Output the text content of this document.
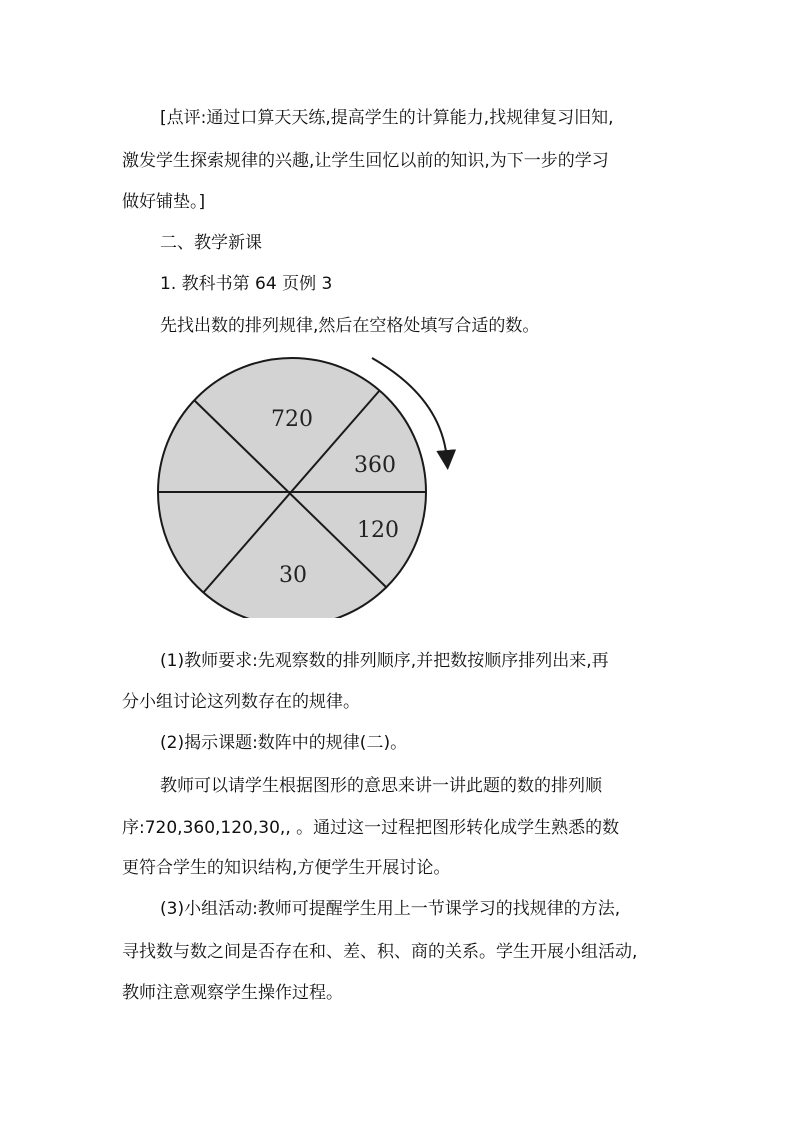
[点评:通过口算天天练,提高学生的计算能力,找规律复习旧知,
激发学生探索规律的兴趣,让学生回忆以前的知识,为下一步的学习
做好铺垫。]
二、教学新课
1. 教科书第 64 页例 3
先找出数的排列规律,然后在空格处填写合适的数。
720
360
120
30
(1)教师要求:先观察数的排列顺序,并把数按顺序排列出来,再
分小组讨论这列数存在的规律。
(2)揭示课题:数阵中的规律(二)。
教师可以请学生根据图形的意思来讲一讲此题的数的排列顺
序:720,360,120,30,, 。通过这一过程把图形转化成学生熟悉的数
更符合学生的知识结构,方便学生开展讨论。
(3)小组活动:教师可提醒学生用上一节课学习的找规律的方法,
寻找数与数之间是否存在和、差、积、商的关系。学生开展小组活动,
教师注意观察学生操作过程。
